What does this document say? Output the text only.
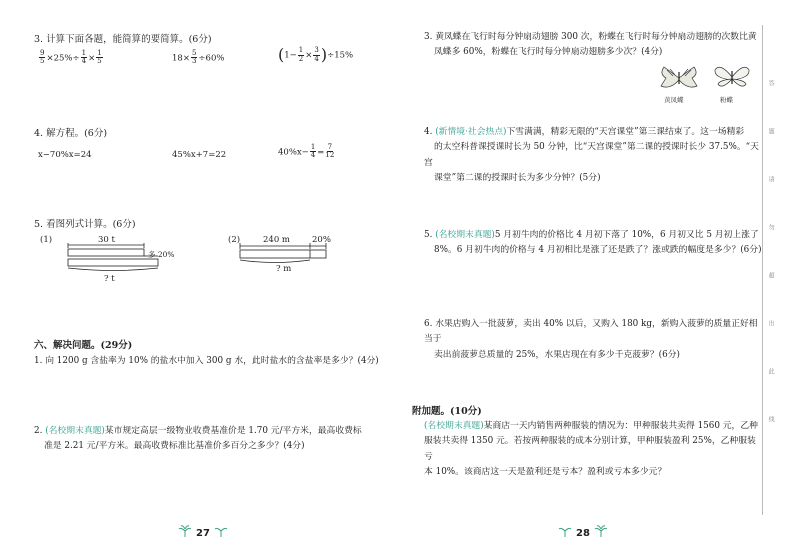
3. 计算下面各题，能简算的要简算。(6分)
$\frac{9}{5} \times 25\%\div \frac{1}{4} \times \frac{1}{5}$	$18\times \frac{5}{3} \div 60\%$	$(1- \frac{1}{2} \times \frac{3}{4} )\div 15\%$
4. 解方程。(6分)
x−70%x=24	45%x+7=22	$40\%x- \frac{1}{4} = \frac{7}{12}$
5. 看图列式计算。(6分)
(1)	30 t
多 20%
? t
(2)	240 m	20%
? m
六、解决问题。(29分)
1. 向 1200 g 含盐率为 10% 的盐水中加入 300 g 水，此时盐水的含盐率是多少？(4分)
2. (名校期末真题)某市规定高层一级物业收费基准价是 1.70 元/平方米，最高收费标
准是 2.21 元/平方米。最高收费标准比基准价多百分之多少？(4分)
27
3. 黄凤蝶在飞行时每分钟扇动翅膀 300 次，粉蝶在飞行时每分钟扇动翅膀的次数比黄
凤蝶多 60%，粉蝶在飞行时每分钟扇动翅膀多少次？(4分)
黄凤蝶	粉蝶
4. (新情境·社会热点)下雪满满，精彩无限的“天宫课堂”第三课结束了。这一场精彩
的太空科普课授课时长为 50 分钟，比“天宫课堂”第二课的授课时长少 37.5%。“天宫
课堂”第二课的授课时长为多少分钟？(5分)
5. (名校期末真题)5 月初牛肉的价格比 4 月初下落了 10%，6 月初又比 5 月初上涨了
8%。6 月初牛肉的价格与 4 月初相比是涨了还是跌了？涨或跌的幅度是多少？(6分)
6. 水果店购入一批菠萝，卖出 40% 以后，又购入 180 kg，新购入菠萝的质量正好相当于
卖出前菠萝总质量的 25%，水果店现在有多少千克菠萝？(6分)
附加题。(10分)
(名校期末真题)某商店一天内销售两种服装的情况为：甲种服装共卖得 1560 元，乙种
服装共卖得 1350 元。若按两种服装的成本分别计算，甲种服装盈利 25%，乙种服装亏
本 10%。该商店这一天是盈利还是亏本？盈利或亏本多少元？
28
答
题
请
勿
超
出
此
线
